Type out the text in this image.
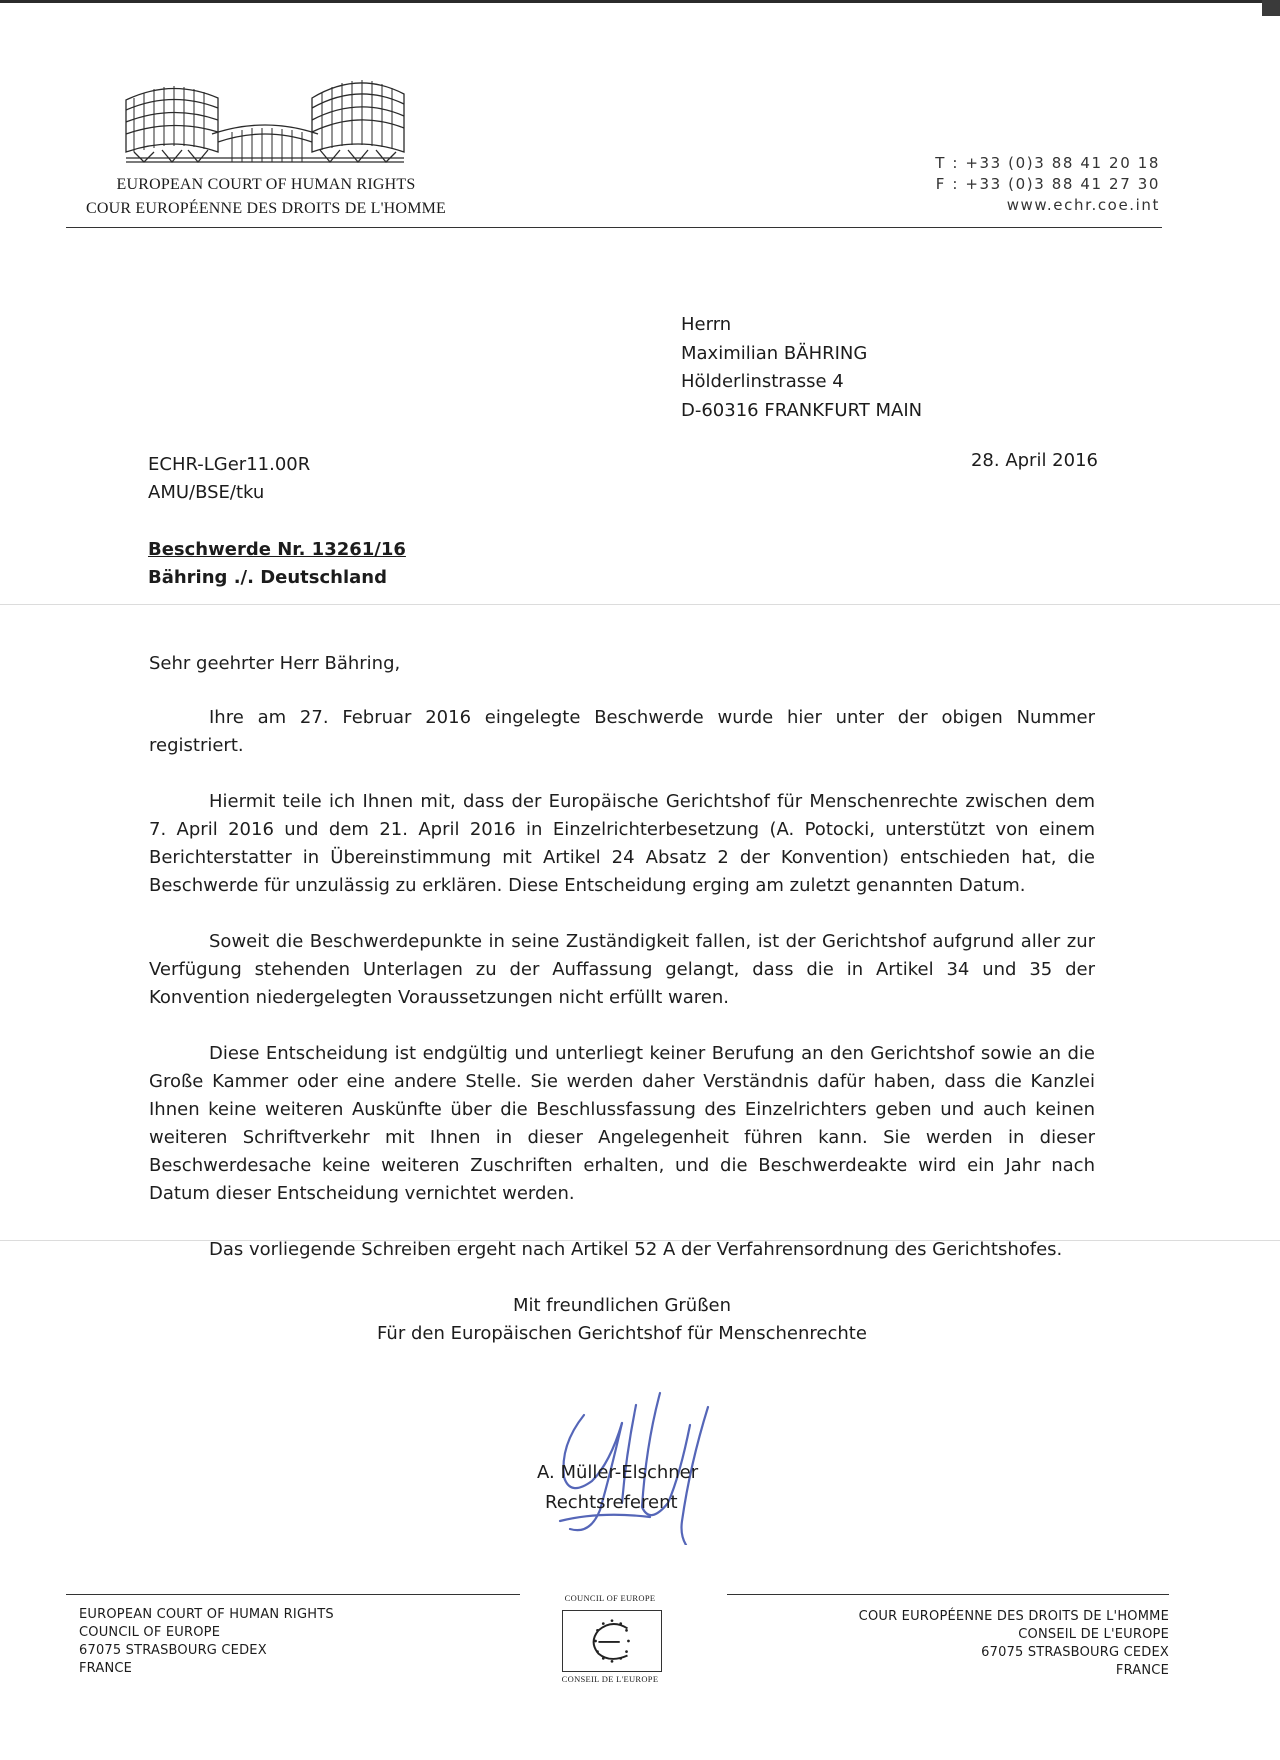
EUROPEAN COURT OF HUMAN RIGHTS
COUR EUROPÉENNE DES DROITS DE L'HOMME
T : +33 (0)3 88 41 20 18
F : +33 (0)3 88 41 27 30
www.echr.coe.int
Herrn
Maximilian BÄHRING
Hölderlinstrasse 4
D-60316 FRANKFURT MAIN
ECHR-LGer11.00R
AMU/BSE/tku
28. April 2016
Beschwerde Nr. 13261/16
Bähring ./. Deutschland

Sehr geehrter Herr Bähring,

Ihre am 27. Februar 2016 eingelegte Beschwerde wurde hier unter der obigen Nummer registriert.

Hiermit teile ich Ihnen mit, dass der Europäische Gerichtshof für Menschenrechte zwischen dem 7. April 2016 und dem 21. April 2016 in Einzelrichterbesetzung (A. Potocki, unterstützt von einem Berichterstatter in Übereinstimmung mit Artikel 24 Absatz 2 der Konvention) entschieden hat, die Beschwerde für unzulässig zu erklären. Diese Entscheidung erging am zuletzt genannten Datum.

Soweit die Beschwerdepunkte in seine Zuständigkeit fallen, ist der Gerichtshof aufgrund aller zur Verfügung stehenden Unterlagen zu der Auffassung gelangt, dass die in Artikel 34 und 35 der Konvention niedergelegten Voraussetzungen nicht erfüllt waren.

Diese Entscheidung ist endgültig und unterliegt keiner Berufung an den Gerichtshof sowie an die Große Kammer oder eine andere Stelle. Sie werden daher Verständnis dafür haben, dass die Kanzlei Ihnen keine weiteren Auskünfte über die Beschlussfassung des Einzelrichters geben und auch keinen weiteren Schriftverkehr mit Ihnen in dieser Angelegenheit führen kann. Sie werden in dieser Beschwerdesache keine weiteren Zuschriften erhalten, und die Beschwerdeakte wird ein Jahr nach Datum dieser Entscheidung vernichtet werden.

Das vorliegende Schreiben ergeht nach Artikel 52 A der Verfahrensordnung des Gerichtshofes.

Mit freundlichen Grüßen
Für den Europäischen Gerichtshof für Menschenrechte
A. Müller-Elschner
Rechtsreferent
EUROPEAN COURT OF HUMAN RIGHTS
COUNCIL OF EUROPE
67075 STRASBOURG CEDEX
FRANCE
COUR EUROPÉENNE DES DROITS DE L'HOMME
CONSEIL DE L'EUROPE
67075 STRASBOURG CEDEX
FRANCE
COUNCIL OF EUROPE
CONSEIL DE L'EUROPE
